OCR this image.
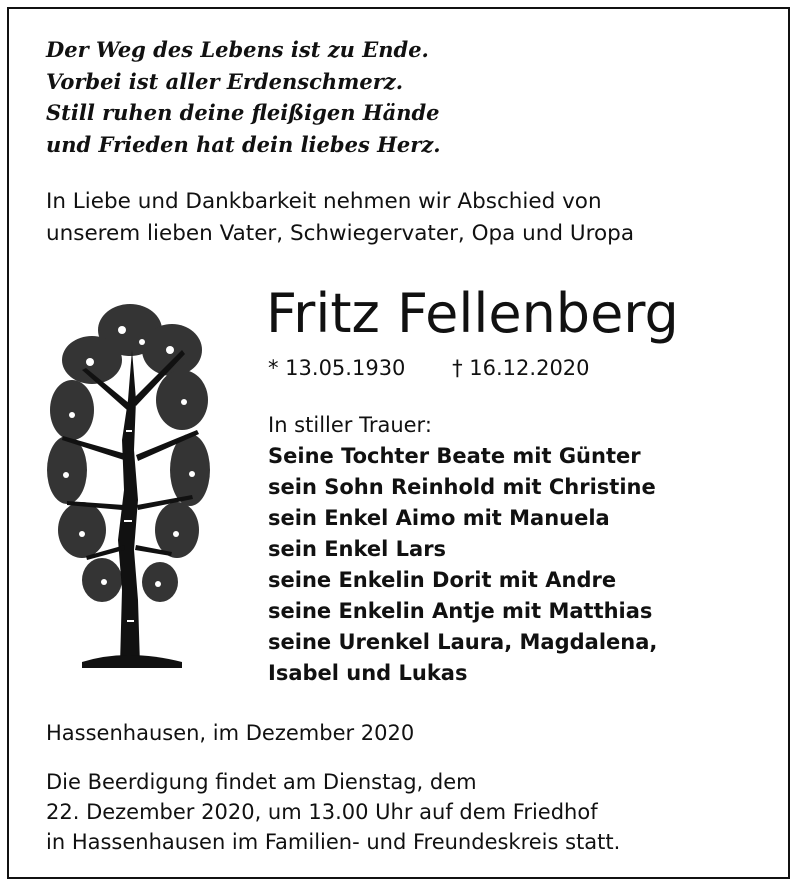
Der Weg des Lebens ist zu Ende.
Vorbei ist aller Erdenschmerz.
Still ruhen deine fleißigen Hände
und Frieden hat dein liebes Herz.
In Liebe und Dankbarkeit nehmen wir Abschied von
unserem lieben Vater, Schwiegervater, Opa und Uropa
Fritz Fellenberg
* 13.05.1930 † 16.12.2020
In stiller Trauer:
Seine Tochter Beate mit Günter
sein Sohn Reinhold mit Christine
sein Enkel Aimo mit Manuela
sein Enkel Lars
seine Enkelin Dorit mit Andre
seine Enkelin Antje mit Matthias
seine Urenkel Laura, Magdalena,
Isabel und Lukas
Hassenhausen, im Dezember 2020
Die Beerdigung findet am Dienstag, dem
22. Dezember 2020, um 13.00 Uhr auf dem Friedhof
in Hassenhausen im Familien- und Freundeskreis statt.
